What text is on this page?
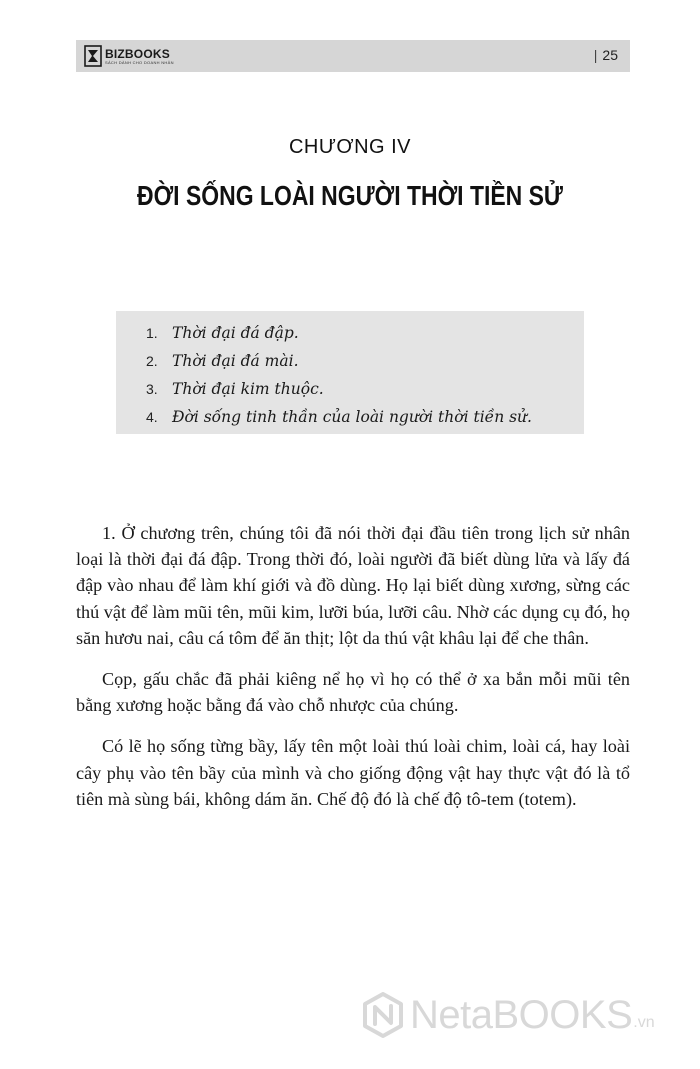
BIZBOOKS
SÁCH DÀNH CHO DOANH NHÂN	| 25
CHƯƠNG IV
ĐỜI SỐNG LOÀI NGƯỜI THỜI TIỀN SỬ
1. Thời đại đá đập.
2. Thời đại đá mài.
3. Thời đại kim thuộc.
4. Đời sống tinh thần của loài người thời tiền sử.

1. Ở chương trên, chúng tôi đã nói thời đại đầu tiên trong lịch sử nhân loại là thời đại đá đập. Trong thời đó, loài người đã biết dùng lửa và lấy đá đập vào nhau để làm khí giới và đồ dùng. Họ lại biết dùng xương, sừng các thú vật để làm mũi tên, mũi kim, lưỡi búa, lưỡi câu. Nhờ các dụng cụ đó, họ săn hươu nai, câu cá tôm để ăn thịt; lột da thú vật khâu lại để che thân.

Cọp, gấu chắc đã phải kiêng nể họ vì họ có thể ở xa bắn mỗi mũi tên bằng xương hoặc bằng đá vào chỗ nhược của chúng.

Có lẽ họ sống từng bầy, lấy tên một loài thú loài chim, loài cá, hay loài cây phụ vào tên bầy của mình và cho giống động vật hay thực vật đó là tổ tiên mà sùng bái, không dám ăn. Chế độ đó là chế độ tô-tem (totem).

NetaBOOKS .vn
